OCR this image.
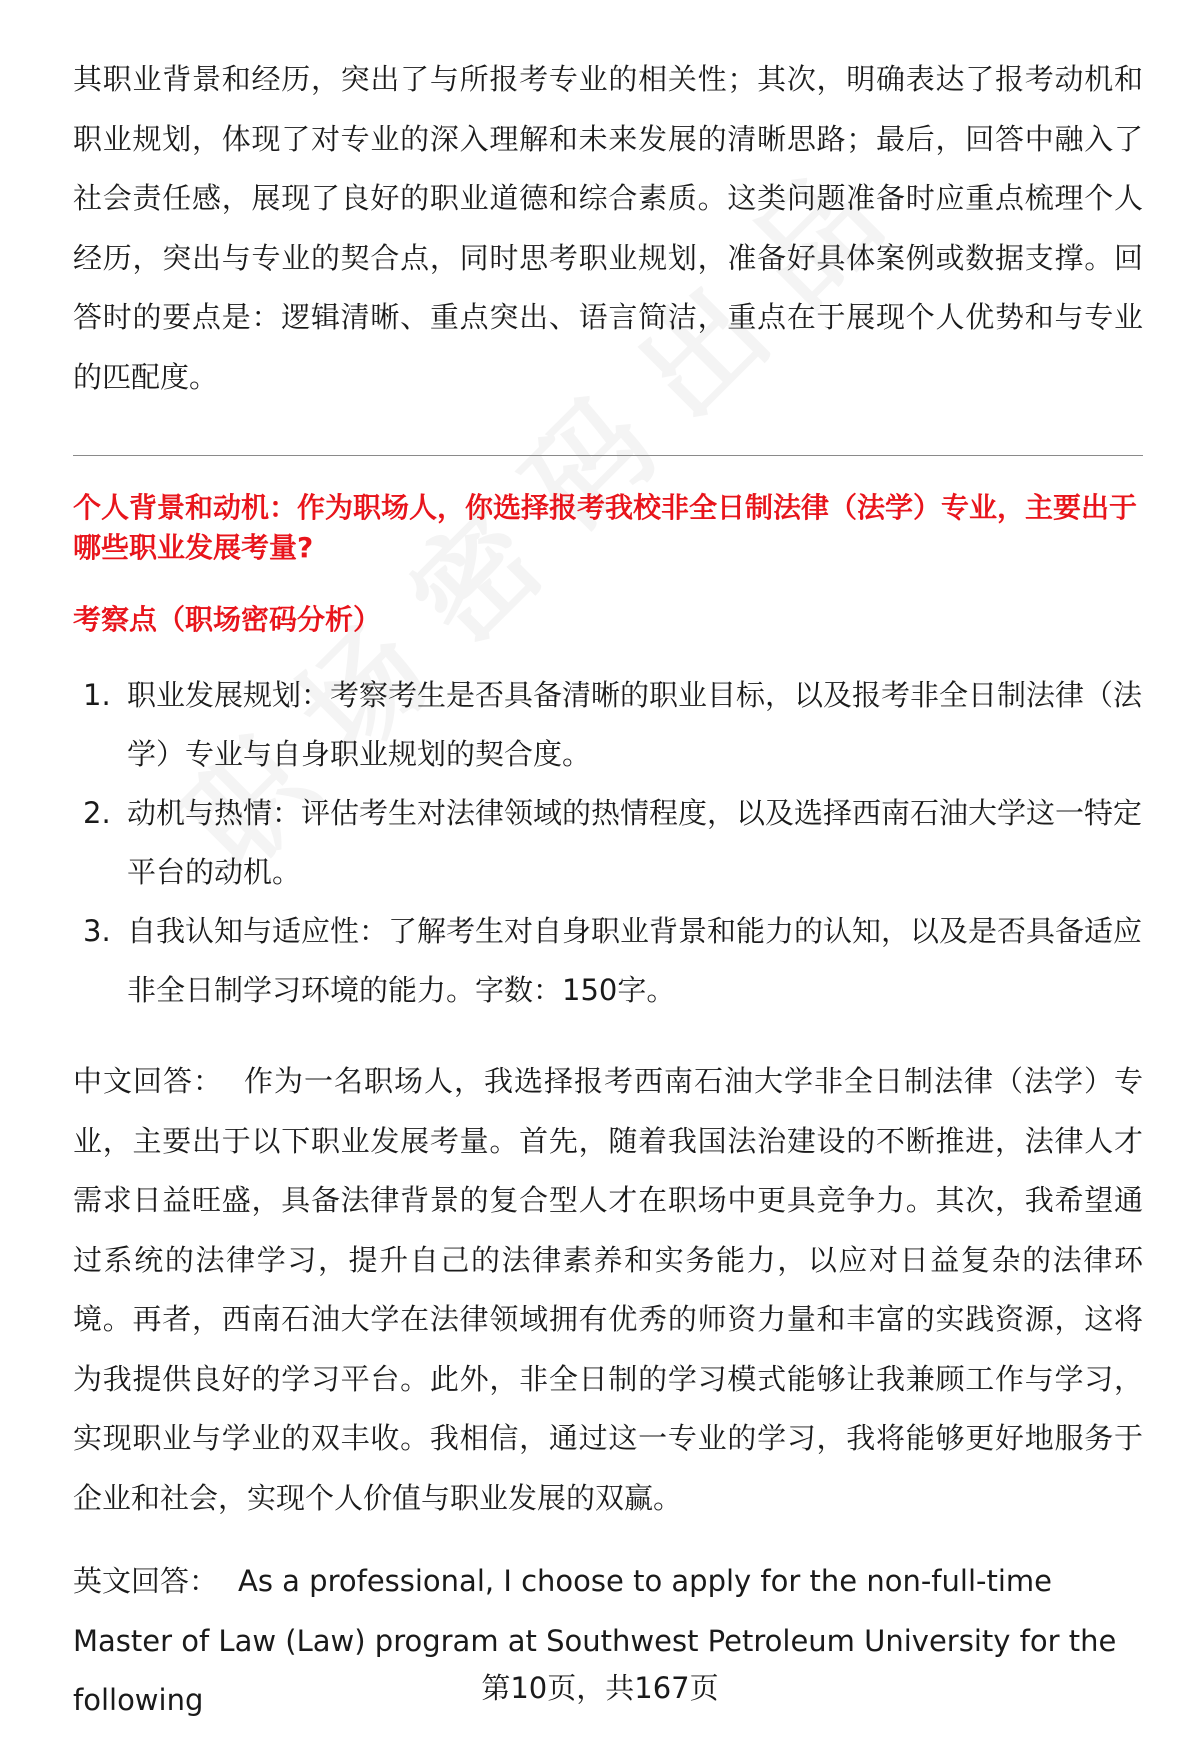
其职业背景和经历，突出了与所报考专业的相关性；其次，明确表达了报考动机和职业规划，体现了对专业的深入理解和未来发展的清晰思路；最后，回答中融入了社会责任感，展现了良好的职业道德和综合素质。这类问题准备时应重点梳理个人经历，突出与专业的契合点，同时思考职业规划，准备好具体案例或数据支撑。回答时的要点是：逻辑清晰、重点突出、语言简洁，重点在于展现个人优势和与专业的匹配度。

个人背景和动机：作为职场人，你选择报考我校非全日制法律（法学）专业，主要出于哪些职业发展考量?
考察点（职场密码分析）
1. 职业发展规划：考察考生是否具备清晰的职业目标，以及报考非全日制法律（法学）专业与自身职业规划的契合度。
2. 动机与热情：评估考生对法律领域的热情程度，以及选择西南石油大学这一特定平台的动机。
3. 自我认知与适应性：了解考生对自身职业背景和能力的认知，以及是否具备适应非全日制学习环境的能力。字数：150字。

中文回答： 作为一名职场人，我选择报考西南石油大学非全日制法律（法学）专业，主要出于以下职业发展考量。首先，随着我国法治建设的不断推进，法律人才需求日益旺盛，具备法律背景的复合型人才在职场中更具竞争力。其次，我希望通过系统的法律学习，提升自己的法律素养和实务能力，以应对日益复杂的法律环境。再者，西南石油大学在法律领域拥有优秀的师资力量和丰富的实践资源，这将为我提供良好的学习平台。此外，非全日制的学习模式能够让我兼顾工作与学习，实现职业与学业的双丰收。我相信，通过这一专业的学习，我将能够更好地服务于企业和社会，实现个人价值与职业发展的双赢。

英文回答： As a professional, I choose to apply for the non-full-time Master of Law (Law) program at Southwest Petroleum University for the following	第10页，共167页
